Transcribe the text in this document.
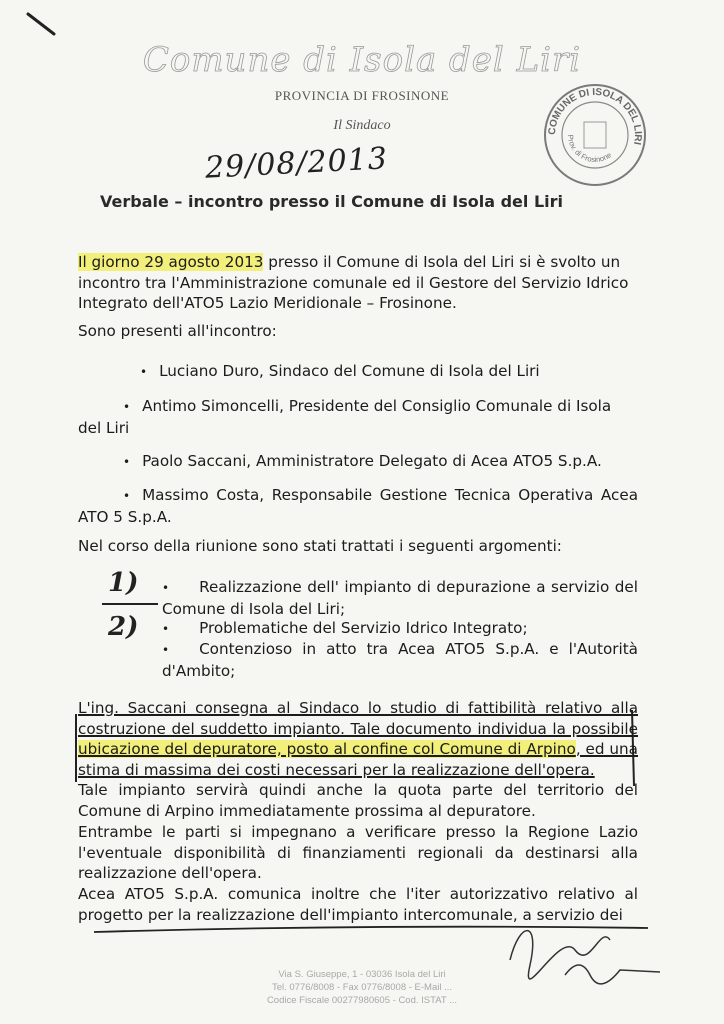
Comune di Isola del Liri
PROVINCIA DI FROSINONE
Il Sindaco	COMUNE DI ISOLA DEL LIRI
Prov. di Frosinone
29/08/2013
Verbale – incontro presso il Comune di Isola del Liri
Il giorno 29 agosto 2013 presso il Comune di Isola del Liri si è svolto un incontro tra l'Amministrazione comunale ed il Gestore del Servizio Idrico Integrato dell'ATO5 Lazio Meridionale – Frosinone.
Sono presenti all'incontro:
• Luciano Duro, Sindaco del Comune di Isola del Liri
• Antimo Simoncelli, Presidente del Consiglio Comunale di Isola del Liri
• Paolo Saccani, Amministratore Delegato di Acea ATO5 S.p.A.
• Massimo Costa, Responsabile Gestione Tecnica Operativa Acea ATO 5 S.p.A.
Nel corso della riunione sono stati trattati i seguenti argomenti:
1)
2)
• Realizzazione dell' impianto di depurazione a servizio del Comune di Isola del Liri;
• Problematiche del Servizio Idrico Integrato;
• Contenzioso in atto tra Acea ATO5 S.p.A. e l'Autorità d'Ambito;
L'ing. Saccani consegna al Sindaco lo studio di fattibilità relativo alla costruzione del suddetto impianto. Tale documento individua la possibile ubicazione del depuratore, posto al confine col Comune di Arpino, ed una stima di massima dei costi necessari per la realizzazione dell'opera.
Tale impianto servirà quindi anche la quota parte del territorio del Comune di Arpino immediatamente prossima al depuratore.
Entrambe le parti si impegnano a verificare presso la Regione Lazio l'eventuale disponibilità di finanziamenti regionali da destinarsi alla realizzazione dell'opera.
Acea ATO5 S.p.A. comunica inoltre che l'iter autorizzativo relativo al progetto per la realizzazione dell'impianto intercomunale, a servizio dei
Via S. Giuseppe, 1 - 03036 Isola del Liri
Tel. 0776/8008 - Fax 0776/8008 - E-Mail ...
Codice Fiscale 00277980605 - Cod. ISTAT ...
